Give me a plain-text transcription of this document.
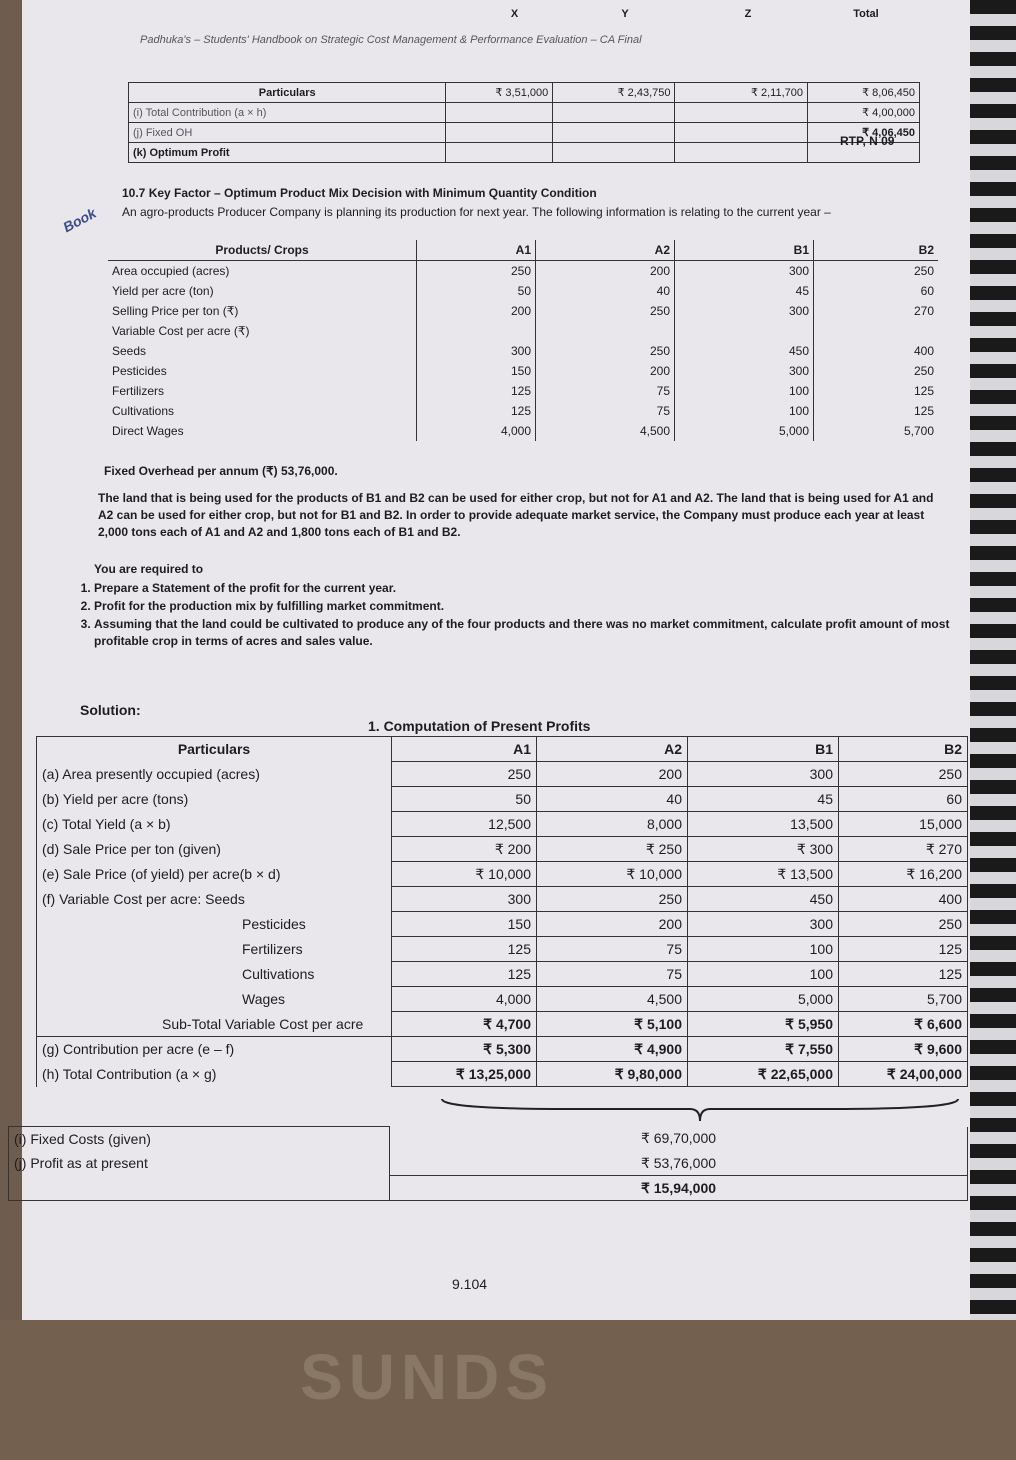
SUNDS
Padhuka's – Students' Handbook on Strategic Cost Management & Performance Evaluation – CA Final
	X	Y	Z	Total

Particulars	₹ 3,51,000	₹ 2,43,750	₹ 2,11,700	₹ 8,06,450
(i) Total Contribution (a × h)				₹ 4,00,000
(j) Fixed OH				₹ 4,06,450
(k) Optimum Profit				
Book
RTP, N 09
10.7 Key Factor – Optimum Product Mix Decision with Minimum Quantity Condition
An agro-products Producer Company is planning its production for next year. The following information is relating to the current year –
Products/ Crops	A1	A2	B1	B2
Area occupied (acres)	250	200	300	250
Yield per acre (ton)	50	40	45	60
Selling Price per ton (₹)	200	250	300	270
Variable Cost per acre (₹)				
Seeds	300	250	450	400
Pesticides	150	200	300	250
Fertilizers	125	75	100	125
Cultivations	125	75	100	125
Direct Wages	4,000	4,500	5,000	5,700
Fixed Overhead per annum (₹) 53,76,000.
The land that is being used for the products of B1 and B2 can be used for either crop, but not for A1 and A2. The land that is being used for A1 and A2 can be used for either crop, but not for B1 and B2. In order to provide adequate market service, the Company must produce each year at least 2,000 tons each of A1 and A2 and 1,800 tons each of B1 and B2.
You are required to
1. Prepare a Statement of the profit for the current year.
2. Profit for the production mix by fulfilling market commitment.
3. Assuming that the land could be cultivated to produce any of the four products and there was no market commitment, calculate profit amount of most profitable crop in terms of acres and sales value.
Solution:
1. Computation of Present Profits
Particulars	A1	A2	B1	B2
(a) Area presently occupied (acres)	250	200	300	250
(b) Yield per acre (tons)	50	40	45	60
(c) Total Yield (a × b)	12,500	8,000	13,500	15,000
(d) Sale Price per ton (given)	₹ 200	₹ 250	₹ 300	₹ 270
(e) Sale Price (of yield) per acre(b × d)	₹ 10,000	₹ 10,000	₹ 13,500	₹ 16,200
(f) Variable Cost per acre: Seeds	300	250	450	400
Pesticides	150	200	300	250
Fertilizers	125	75	100	125
Cultivations	125	75	100	125
Wages	4,000	4,500	5,000	5,700
Sub-Total Variable Cost per acre	₹ 4,700	₹ 5,100	₹ 5,950	₹ 6,600
(g) Contribution per acre (e – f)	₹ 5,300	₹ 4,900	₹ 7,550	₹ 9,600
(h) Total Contribution (a × g)	₹ 13,25,000	₹ 9,80,000	₹ 22,65,000	₹ 24,00,000
(i) Fixed Costs (given)	₹ 69,70,000
(j) Profit as at present	₹ 53,76,000
	₹ 15,94,000
9.104
